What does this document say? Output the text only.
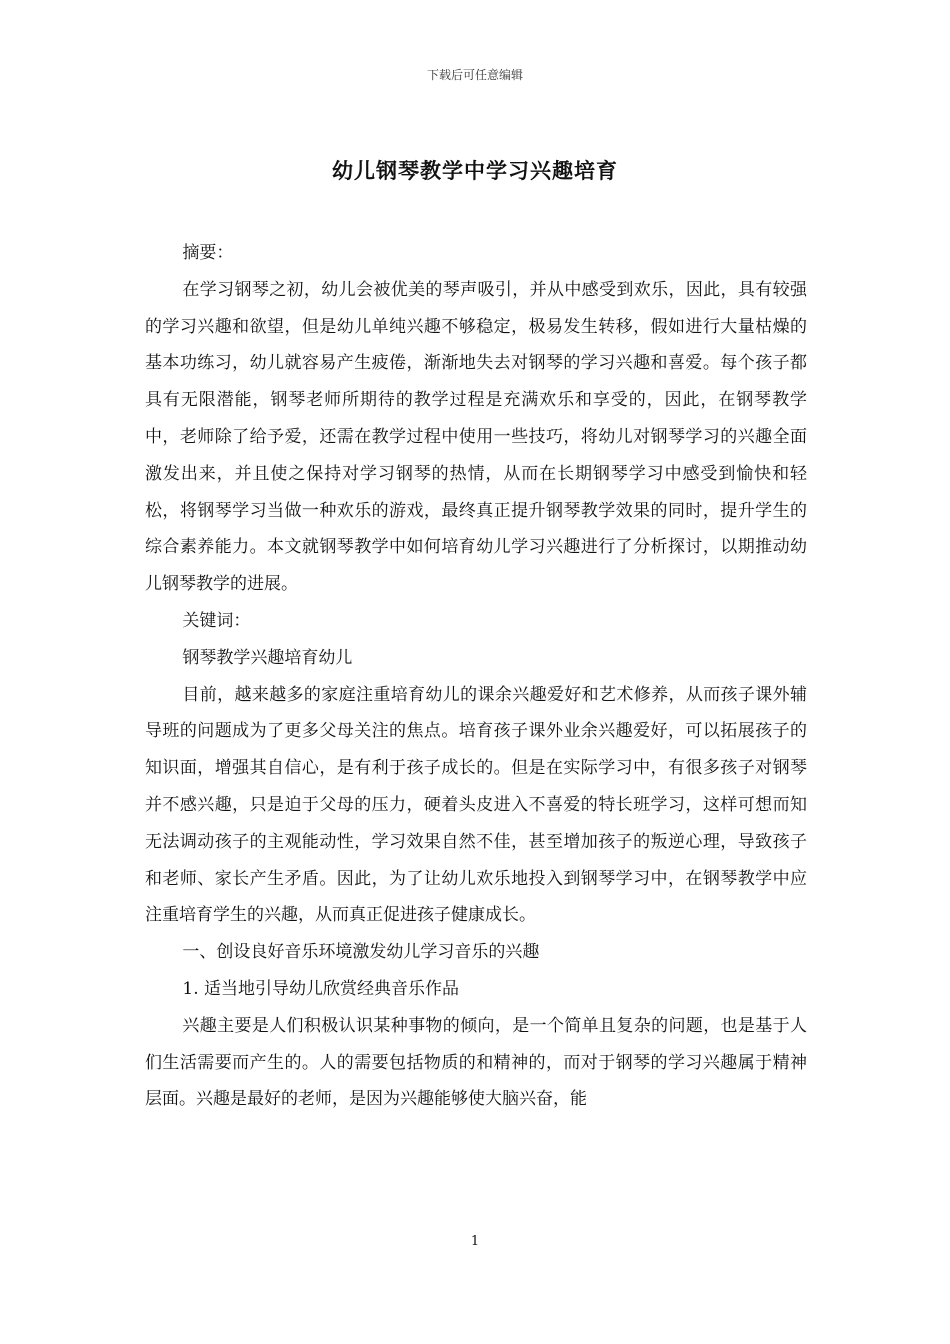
下载后可任意编辑
幼儿钢琴教学中学习兴趣培育

摘要：

在学习钢琴之初，幼儿会被优美的琴声吸引，并从中感受到欢乐，因此，具有较强的学习兴趣和欲望，但是幼儿单纯兴趣不够稳定，极易发生转移，假如进行大量枯燥的基本功练习，幼儿就容易产生疲倦，渐渐地失去对钢琴的学习兴趣和喜爱。每个孩子都具有无限潜能，钢琴老师所期待的教学过程是充满欢乐和享受的，因此，在钢琴教学中，老师除了给予爱，还需在教学过程中使用一些技巧，将幼儿对钢琴学习的兴趣全面激发出来，并且使之保持对学习钢琴的热情，从而在长期钢琴学习中感受到愉快和轻松，将钢琴学习当做一种欢乐的游戏，最终真正提升钢琴教学效果的同时，提升学生的综合素养能力。本文就钢琴教学中如何培育幼儿学习兴趣进行了分析探讨，以期推动幼儿钢琴教学的进展。

关键词：

钢琴教学兴趣培育幼儿

目前，越来越多的家庭注重培育幼儿的课余兴趣爱好和艺术修养，从而孩子课外辅导班的问题成为了更多父母关注的焦点。培育孩子课外业余兴趣爱好，可以拓展孩子的知识面，增强其自信心，是有利于孩子成长的。但是在实际学习中，有很多孩子对钢琴并不感兴趣，只是迫于父母的压力，硬着头皮进入不喜爱的特长班学习，这样可想而知无法调动孩子的主观能动性，学习效果自然不佳，甚至增加孩子的叛逆心理，导致孩子和老师、家长产生矛盾。因此，为了让幼儿欢乐地投入到钢琴学习中，在钢琴教学中应注重培育学生的兴趣，从而真正促进孩子健康成长。

一、创设良好音乐环境激发幼儿学习音乐的兴趣

1. 适当地引导幼儿欣赏经典音乐作品

兴趣主要是人们积极认识某种事物的倾向，是一个简单且复杂的问题，也是基于人们生活需要而产生的。人的需要包括物质的和精神的，而对于钢琴的学习兴趣属于精神层面。兴趣是最好的老师，是因为兴趣能够使大脑兴奋，能

1
